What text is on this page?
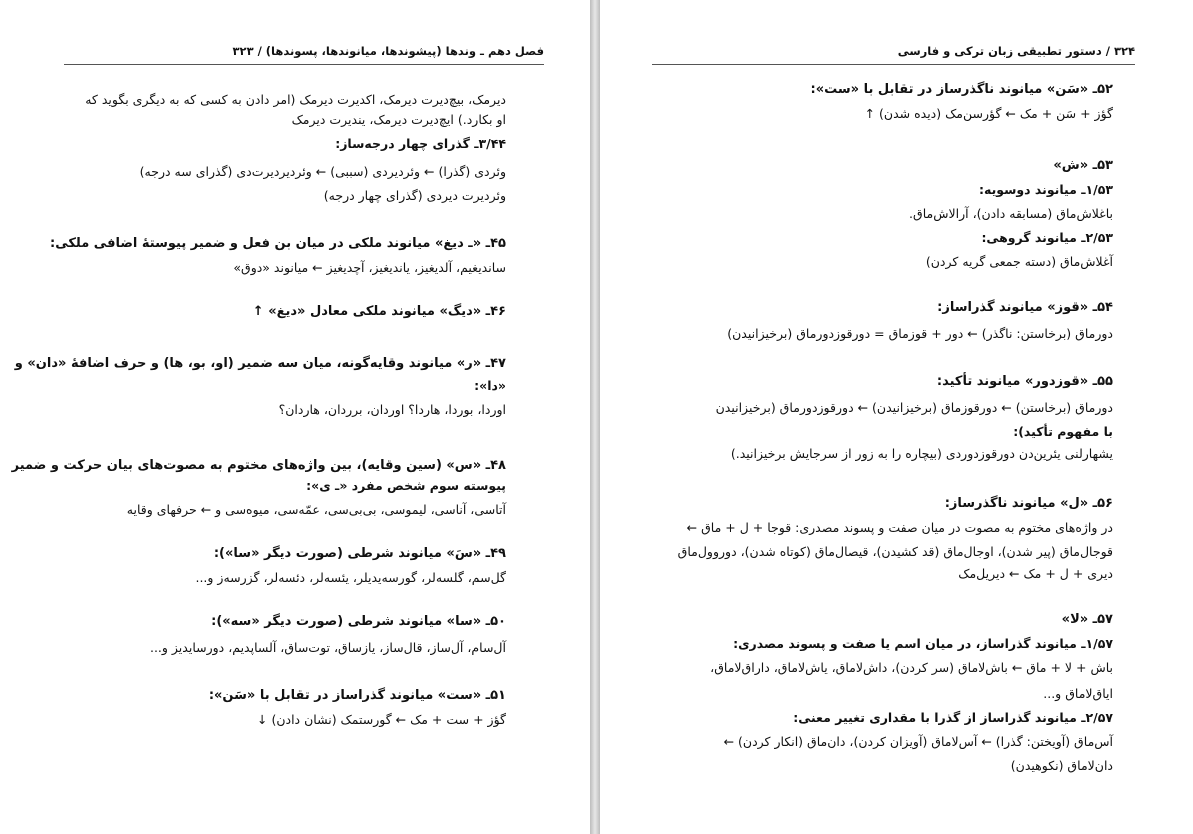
فصل دهم ـ وندها (پیشوندها، میانوندها، پسوندها) / ۳۲۳
دیرمک، بیچ‌دیرت دیرمک، اکدیرت دیرمک (امر دادن به کسی که به دیگری بگوید که
او بکارد.) ایچ‌دیرت دیرمک، یندیرت دیرمک
۳/۴۴ـ گذرای چهار درجه‌ساز:
وئردی (گذرا) ← وئردیردی (سببی) ← وئردیردیرت‌دی (گذرای سه درجه)
وئردیرت دیردی (گذرای چهار درجه)
۴۵ـ «ـ دیغ» میانوند ملکی در میان بن فعل و ضمیر پیوستهٔ اضافی ملکی:
ساندیغیم، آلدیغیز، یاندیغیز، آچدیغیز ← میانوند «دوق»
۴۶ـ «دیگ» میانوند ملکی معادل «دیغ» ↑
۴۷ـ «ر» میانوند وقایه‌گونه، میان سه ضمیر (او، بو، ها) و حرف اضافهٔ «دان» و
«دا»:
اوردا، بوردا، هاردا؟ اوردان، برردان، هاردان؟
۴۸ـ «س» (سین وقایه)، بین واژه‌های مختوم به مصوت‌های بیان حرکت و ضمیر
پیوسته سوم شخص مفرد «ـ ی»:
آتاسی، آناسی، لیموسی، بی‌بی‌سی، عمّه‌سی، میوه‌سی و ← حرفهای وقایه
۴۹ـ «سَ» میانوند شرطی (صورت دیگر «سا»):
گل‌سم، گلسه‌لر، گورسه‌یدیلر، یئسه‌لر، دئسه‌لر، گزرسه‌ز و...
۵۰ـ «سا» میانوند شرطی (صورت دیگر «سه»):
آل‌سام، آل‌ساز، قال‌ساز، یازساق، توت‌ساق، آلساپدیم، دورسایدیز و...
۵۱ـ «ست» میانوند گذراساز در تقابل با «سَن»:
گؤز + ست + مک ← گورستمک (نشان دادن) ↓
۳۲۴ / دستور تطبیقی زبان ترکی و فارسی
۵۲ـ «سَن» میانوند ناگذرساز در تقابل با «ست»:
گؤز + سَن + مک ← گؤرسن‌مک (دیده شدن) ↑
۵۳ـ «ش»
۱/۵۳ـ میانوند دوسویه:
باغلاش‌ماق (مسابقه دادن)، آرالاش‌ماق.
۲/۵۳ـ میانوند گروهی:
آغلاش‌ماق (دسته جمعی گریه کردن)
۵۴ـ «قوز» میانوند گذراساز:
دورماق (برخاستن: ناگذر) ← دور + قوزماق = دورقوزدورماق (برخیزانیدن)
۵۵ـ «قوزدور» میانوند تأکید:
دورماق (برخاستن) ← دورقوزماق (برخیزانیدن) ← دورقوزدورماق (برخیزانیدن
با مفهوم تأکید):
یشهارلنی یئرین‌دن دورقوزدوردی (بیچاره را به زور از سرجایش برخیزانید.)
۵۶ـ «ل» میانوند ناگذرساز:
در واژه‌های مختوم به مصوت در میان صفت و پسوند مصدری: قوجا + ل + ماق ←
قوجال‌ماق (پیر شدن)، اوجال‌ماق (قد کشیدن)، قیصال‌ماق (کوتاه شدن)، دوروول‌ماق
دیری + ل + مک ← دیریل‌مک
۵۷ـ «لا»
۱/۵۷ـ میانوند گذراساز، در میان اسم یا صفت و پسوند مصدری:
باش + لا + ماق ← باش‌لاماق (سر کردن)، داش‌لاماق، یاش‌لاماق، داراق‌لاماق،
ایاق‌لاماق و...
۲/۵۷ـ میانوند گذراساز از گذرا با مقداری تغییر معنی:
آس‌ماق (آویختن: گذرا) ← آس‌لاماق (آویزان کردن)، دان‌ماق (انکار کردن) ←
دان‌لاماق (نکوهیدن)
